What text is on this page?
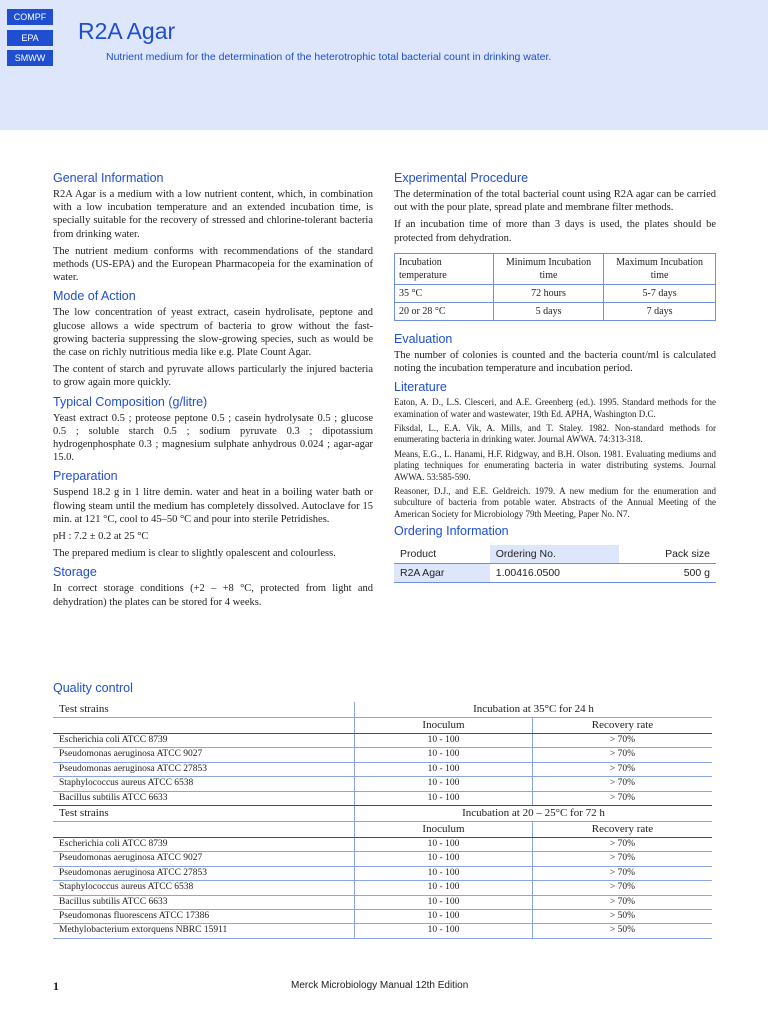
COMPF
EPA
SMWW
R2A Agar
Nutrient medium for the determination of the heterotrophic total bacterial count in drinking water.
General Information

R2A Agar is a medium with a low nutrient content, which, in combination with a low incubation temperature and an extended incubation time, is specially suitable for the recovery of stressed and chlorine-tolerant bacteria from drinking water.

The nutrient medium conforms with recommendations of the standard methods (US-EPA) and the European Pharmacopeia for the examination of water.

Mode of Action

The low concentration of yeast extract, casein hydrolisate, peptone and glucose allows a wide spectrum of bacteria to grow without the fast-growing bacteria suppressing the slow-growing species, such as would be the case on richly nutritious media like e.g. Plate Count Agar.

The content of starch and pyruvate allows particularly the injured bacteria to grow again more quickly.

Typical Composition (g/litre)

Yeast extract 0.5 ; proteose peptone 0.5 ; casein hydrolysate 0.5 ; glucose 0.5 ; soluble starch 0.5 ; sodium pyruvate 0.3 ; dipotassium hydrogenphosphate 0.3 ; magnesium sulphate anhydrous 0.024 ; agar-agar 15.0.

Preparation

Suspend 18.2 g in 1 litre demin. water and heat in a boiling water bath or flowing steam until the medium has completely dissolved. Autoclave for 15 min. at 121 °C, cool to 45–50 °C and pour into sterile Petridishes.

pH : 7.2 ± 0.2 at 25 °C

The prepared medium is clear to slightly opalescent and colourless.

Storage

In correct storage conditions (+2 – +8 °C, protected from light and dehydration) the plates can be stored for 4 weeks.

Experimental Procedure

The determination of the total bacterial count using R2A agar can be carried out with the pour plate, spread plate and membrane filter methods.

If an incubation time of more than 3 days is used, the plates should be protected from dehydration.

Incubation temperature	Minimum Incubation time	Maximum Incubation time
35 °C	72 hours	5-7 days
20 or 28 °C	5 days	7 days
Evaluation

The number of colonies is counted and the bacteria count/ml is calculated noting the incubation temperature and incubation period.

Literature

Eaton, A. D., L.S. Clesceri, and A.E. Greenberg (ed.). 1995. Standard methods for the examination of water and wastewater, 19th Ed. APHA, Washington D.C.

Fiksdal, L., E.A. Vik, A. Mills, and T. Staley. 1982. Non-standard methods for enumerating bacteria in drinking water. Journal AWWA. 74:313-318.

Means, E.G., L. Hanami, H.F. Ridgway, and B.H. Olson. 1981. Evaluating mediums and plating techniques for enumerating bacteria in water distributing systems. Journal AWWA. 53:585-590.

Reasoner, D.J., and E.E. Geldreich. 1979. A new medium for the enumeration and subculture of bacteria from potable water. Abstracts of the Annual Meeting of the American Society for Microbiology 79th Meeting, Paper No. N7.

Ordering Information
Product	Ordering No.	Pack size
R2A Agar	1.00416.0500	500 g
Quality control
Test strains	Incubation at 35°C for 24 h	
	Inoculum	Recovery rate
Escherichia coli ATCC 8739	10 - 100	> 70%
Pseudomonas aeruginosa ATCC 9027	10 - 100	> 70%
Pseudomonas aeruginosa ATCC 27853	10 - 100	> 70%
Staphylococcus aureus ATCC 6538	10 - 100	> 70%
Bacillus subtilis ATCC 6633	10 - 100	> 70%
Test strains	Incubation at 20 – 25°C for 72 h	
	Inoculum	Recovery rate
Escherichia coli ATCC 8739	10 - 100	> 70%
Pseudomonas aeruginosa ATCC 9027	10 - 100	> 70%
Pseudomonas aeruginosa ATCC 27853	10 - 100	> 70%
Staphylococcus aureus ATCC 6538	10 - 100	> 70%
Bacillus subtilis ATCC 6633	10 - 100	> 70%
Pseudomonas fluorescens ATCC 17386	10 - 100	> 50%
Methylobacterium extorquens NBRC 15911	10 - 100	> 50%
1	Merck Microbiology Manual 12th Edition
